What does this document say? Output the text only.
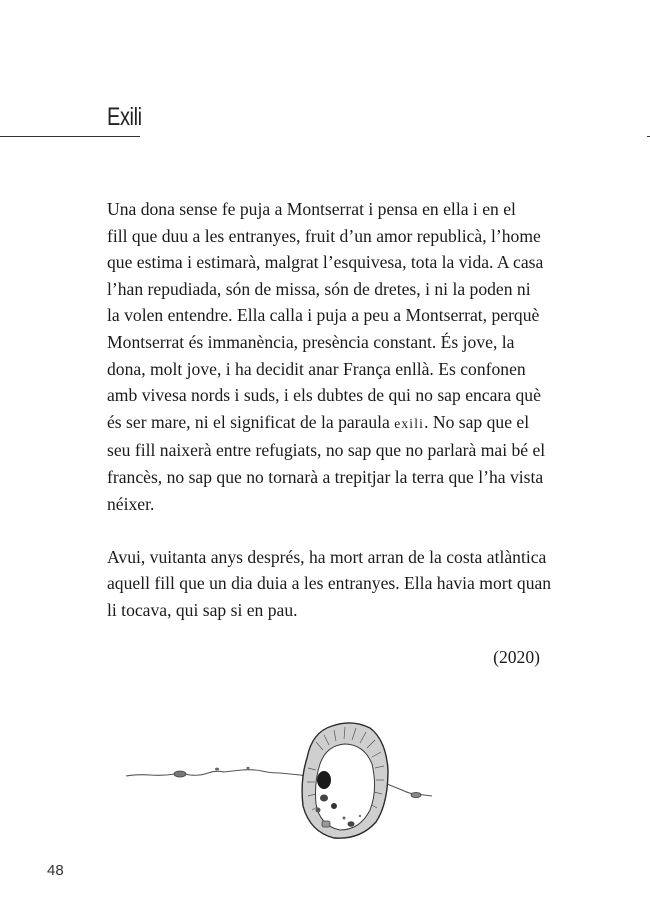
Exili

Una dona sense fe puja a Montserrat i pensa en ella i en el

fill que duu a les entranyes, fruit d’un amor republicà, l’home

que estima i estimarà, malgrat l’esquivesa, tota la vida. A casa

l’han repudiada, són de missa, són de dretes, i ni la poden ni

la volen entendre. Ella calla i puja a peu a Montserrat, perquè

Montserrat és immanència, presència constant. És jove, la

dona, molt jove, i ha decidit anar França enllà. Es confonen

amb vivesa nords i suds, i els dubtes de qui no sap encara què

és ser mare, ni el significat de la paraula exili. No sap que el

seu fill naixerà entre refugiats, no sap que no parlarà mai bé el

francès, no sap que no tornarà a trepitjar la terra que l’ha vista

néixer.

Avui, vuitanta anys després, ha mort arran de la costa atlàntica

aquell fill que un dia duia a les entranyes. Ella havia mort quan

li tocava, qui sap si en pau.

(2020)
48
